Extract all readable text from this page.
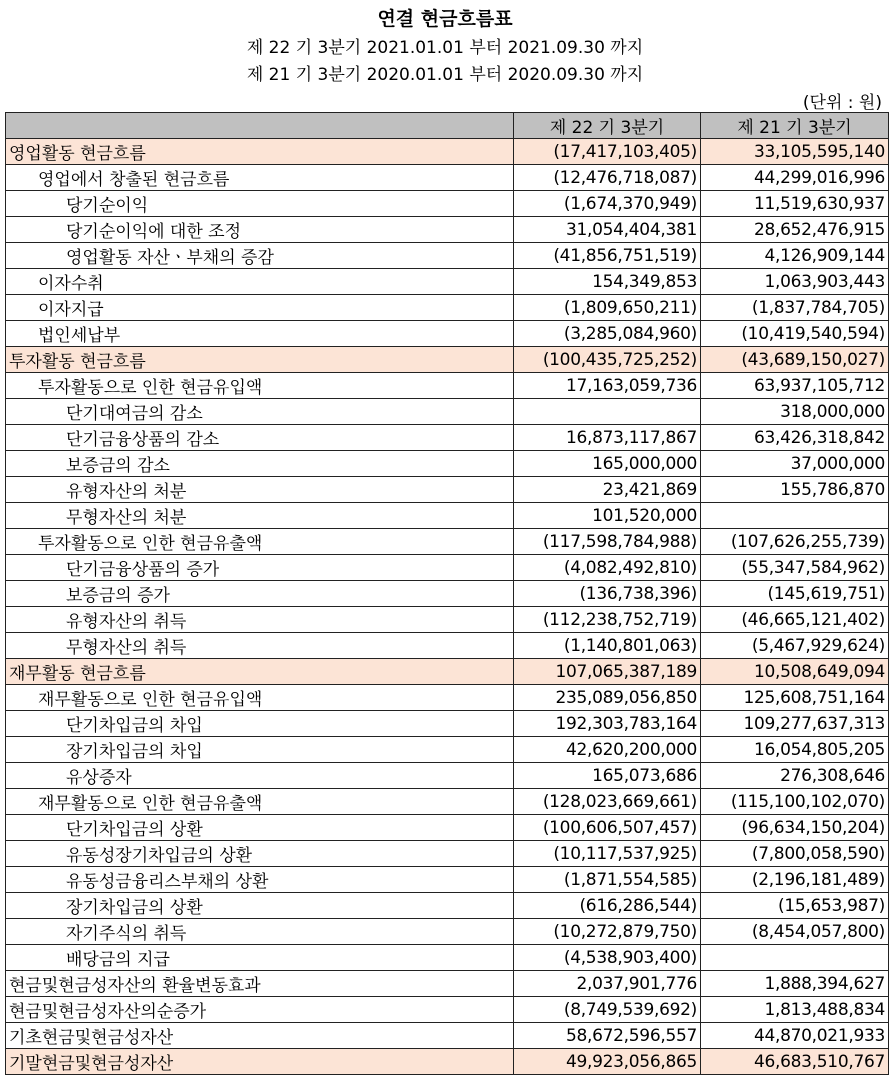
연결 현금흐름표
제 22 기 3분기 2021.01.01 부터 2021.09.30 까지
제 21 기 3분기 2020.01.01 부터 2020.09.30 까지
(단위 : 원)
	제 22 기 3분기	제 21 기 3분기
영업활동 현금흐름	(17,417,103,405)	33,105,595,140
영업에서 창출된 현금흐름	(12,476,718,087)	44,299,016,996
당기순이익	(1,674,370,949)	11,519,630,937
당기순이익에 대한 조정	31,054,404,381	28,652,476,915
영업활동 자산ㆍ부채의 증감	(41,856,751,519)	4,126,909,144
이자수취	154,349,853	1,063,903,443
이자지급	(1,809,650,211)	(1,837,784,705)
법인세납부	(3,285,084,960)	(10,419,540,594)
투자활동 현금흐름	(100,435,725,252)	(43,689,150,027)
투자활동으로 인한 현금유입액	17,163,059,736	63,937,105,712
단기대여금의 감소		318,000,000
단기금융상품의 감소	16,873,117,867	63,426,318,842
보증금의 감소	165,000,000	37,000,000
유형자산의 처분	23,421,869	155,786,870
무형자산의 처분	101,520,000	
투자활동으로 인한 현금유출액	(117,598,784,988)	(107,626,255,739)
단기금융상품의 증가	(4,082,492,810)	(55,347,584,962)
보증금의 증가	(136,738,396)	(145,619,751)
유형자산의 취득	(112,238,752,719)	(46,665,121,402)
무형자산의 취득	(1,140,801,063)	(5,467,929,624)
재무활동 현금흐름	107,065,387,189	10,508,649,094
재무활동으로 인한 현금유입액	235,089,056,850	125,608,751,164
단기차입금의 차입	192,303,783,164	109,277,637,313
장기차입금의 차입	42,620,200,000	16,054,805,205
유상증자	165,073,686	276,308,646
재무활동으로 인한 현금유출액	(128,023,669,661)	(115,100,102,070)
단기차입금의 상환	(100,606,507,457)	(96,634,150,204)
유동성장기차입금의 상환	(10,117,537,925)	(7,800,058,590)
유동성금융리스부채의 상환	(1,871,554,585)	(2,196,181,489)
장기차입금의 상환	(616,286,544)	(15,653,987)
자기주식의 취득	(10,272,879,750)	(8,454,057,800)
배당금의 지급	(4,538,903,400)	
현금및현금성자산의 환율변동효과	2,037,901,776	1,888,394,627
현금및현금성자산의순증가	(8,749,539,692)	1,813,488,834
기초현금및현금성자산	58,672,596,557	44,870,021,933
기말현금및현금성자산	49,923,056,865	46,683,510,767
